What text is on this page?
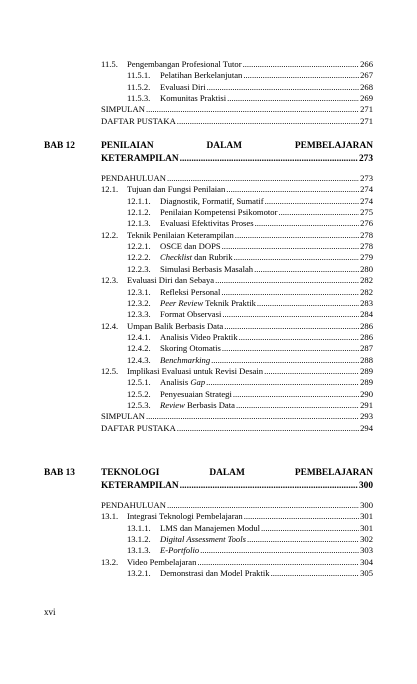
11.5.	Pengembangan Profesional Tutor .....	266
11.5.1.	Pelatihan Berkelanjutan .....	267
11.5.2.	Evaluasi Diri .....	268
11.5.3.	Komunitas Praktisi .....	269
SIMPULAN .....	271
DAFTAR PUSTAKA .....	271
BAB 12	PENILAIAN	DALAM	PEMBELAJARAN
KETERAMPILAN .....	273
PENDAHULUAN .....	273
12.1.	Tujuan dan Fungsi Penilaian .....	274
12.1.1.	Diagnostik, Formatif, Sumatif .....	274
12.1.2.	Penilaian Kompetensi Psikomotor .....	275
12.1.3.	Evaluasi Efektivitas Proses .....	276
12.2.	Teknik Penilaian Keterampilan .....	278
12.2.1.	OSCE dan DOPS .....	278
12.2.2.	Checklist dan Rubrik .....	279
12.2.3.	Simulasi Berbasis Masalah .....	280
12.3.	Evaluasi Diri dan Sebaya .....	282
12.3.1.	Refleksi Personal .....	282
12.3.2.	Peer Review Teknik Praktik .....	283
12.3.3.	Format Observasi .....	284
12.4.	Umpan Balik Berbasis Data .....	286
12.4.1.	Analisis Video Praktik .....	286
12.4.2.	Skoring Otomatis .....	287
12.4.3.	Benchmarking .....	288
12.5.	Implikasi Evaluasi untuk Revisi Desain .....	289
12.5.1.	Analisis Gap .....	289
12.5.2.	Penyesuaian Strategi .....	290
12.5.3.	Review Berbasis Data .....	291
SIMPULAN .....	293
DAFTAR PUSTAKA .....	294
BAB 13	TEKNOLOGI	DALAM	PEMBELAJARAN
KETERAMPILAN .....	300
PENDAHULUAN .....	300
13.1.	Integrasi Teknologi Pembelajaran .....	301
13.1.1.	LMS dan Manajemen Modul .....	301
13.1.2.	Digital Assessment Tools .....	302
13.1.3.	E-Portfolio .....	303
13.2.	Video Pembelajaran .....	304
13.2.1.	Demonstrasi dan Model Praktik .....	305
xvi
